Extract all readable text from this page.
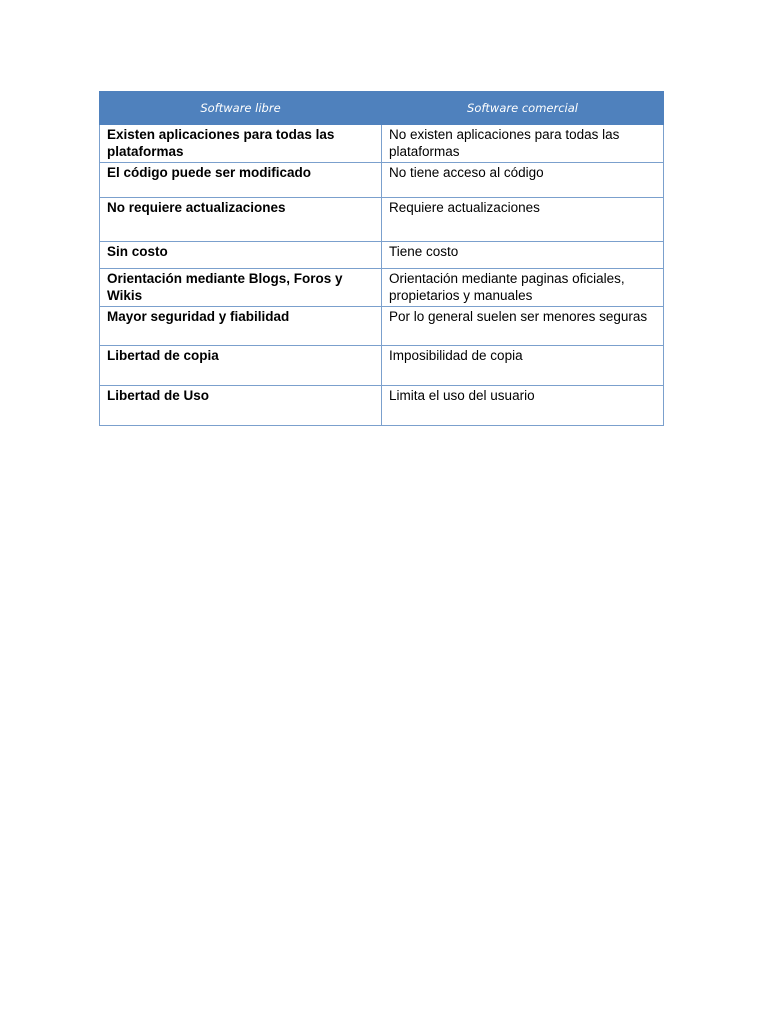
Software libre	Software comercial
Existen aplicaciones para todas las plataformas	No existen aplicaciones para todas las plataformas
El código puede ser modificado	No tiene acceso al código
No requiere actualizaciones	Requiere actualizaciones
Sin costo	Tiene costo
Orientación mediante Blogs, Foros y Wikis	Orientación mediante paginas oficiales, propietarios y manuales
Mayor seguridad y fiabilidad	Por lo general suelen ser menores seguras
Libertad de copia	Imposibilidad de copia
Libertad de Uso	Limita el uso del usuario
